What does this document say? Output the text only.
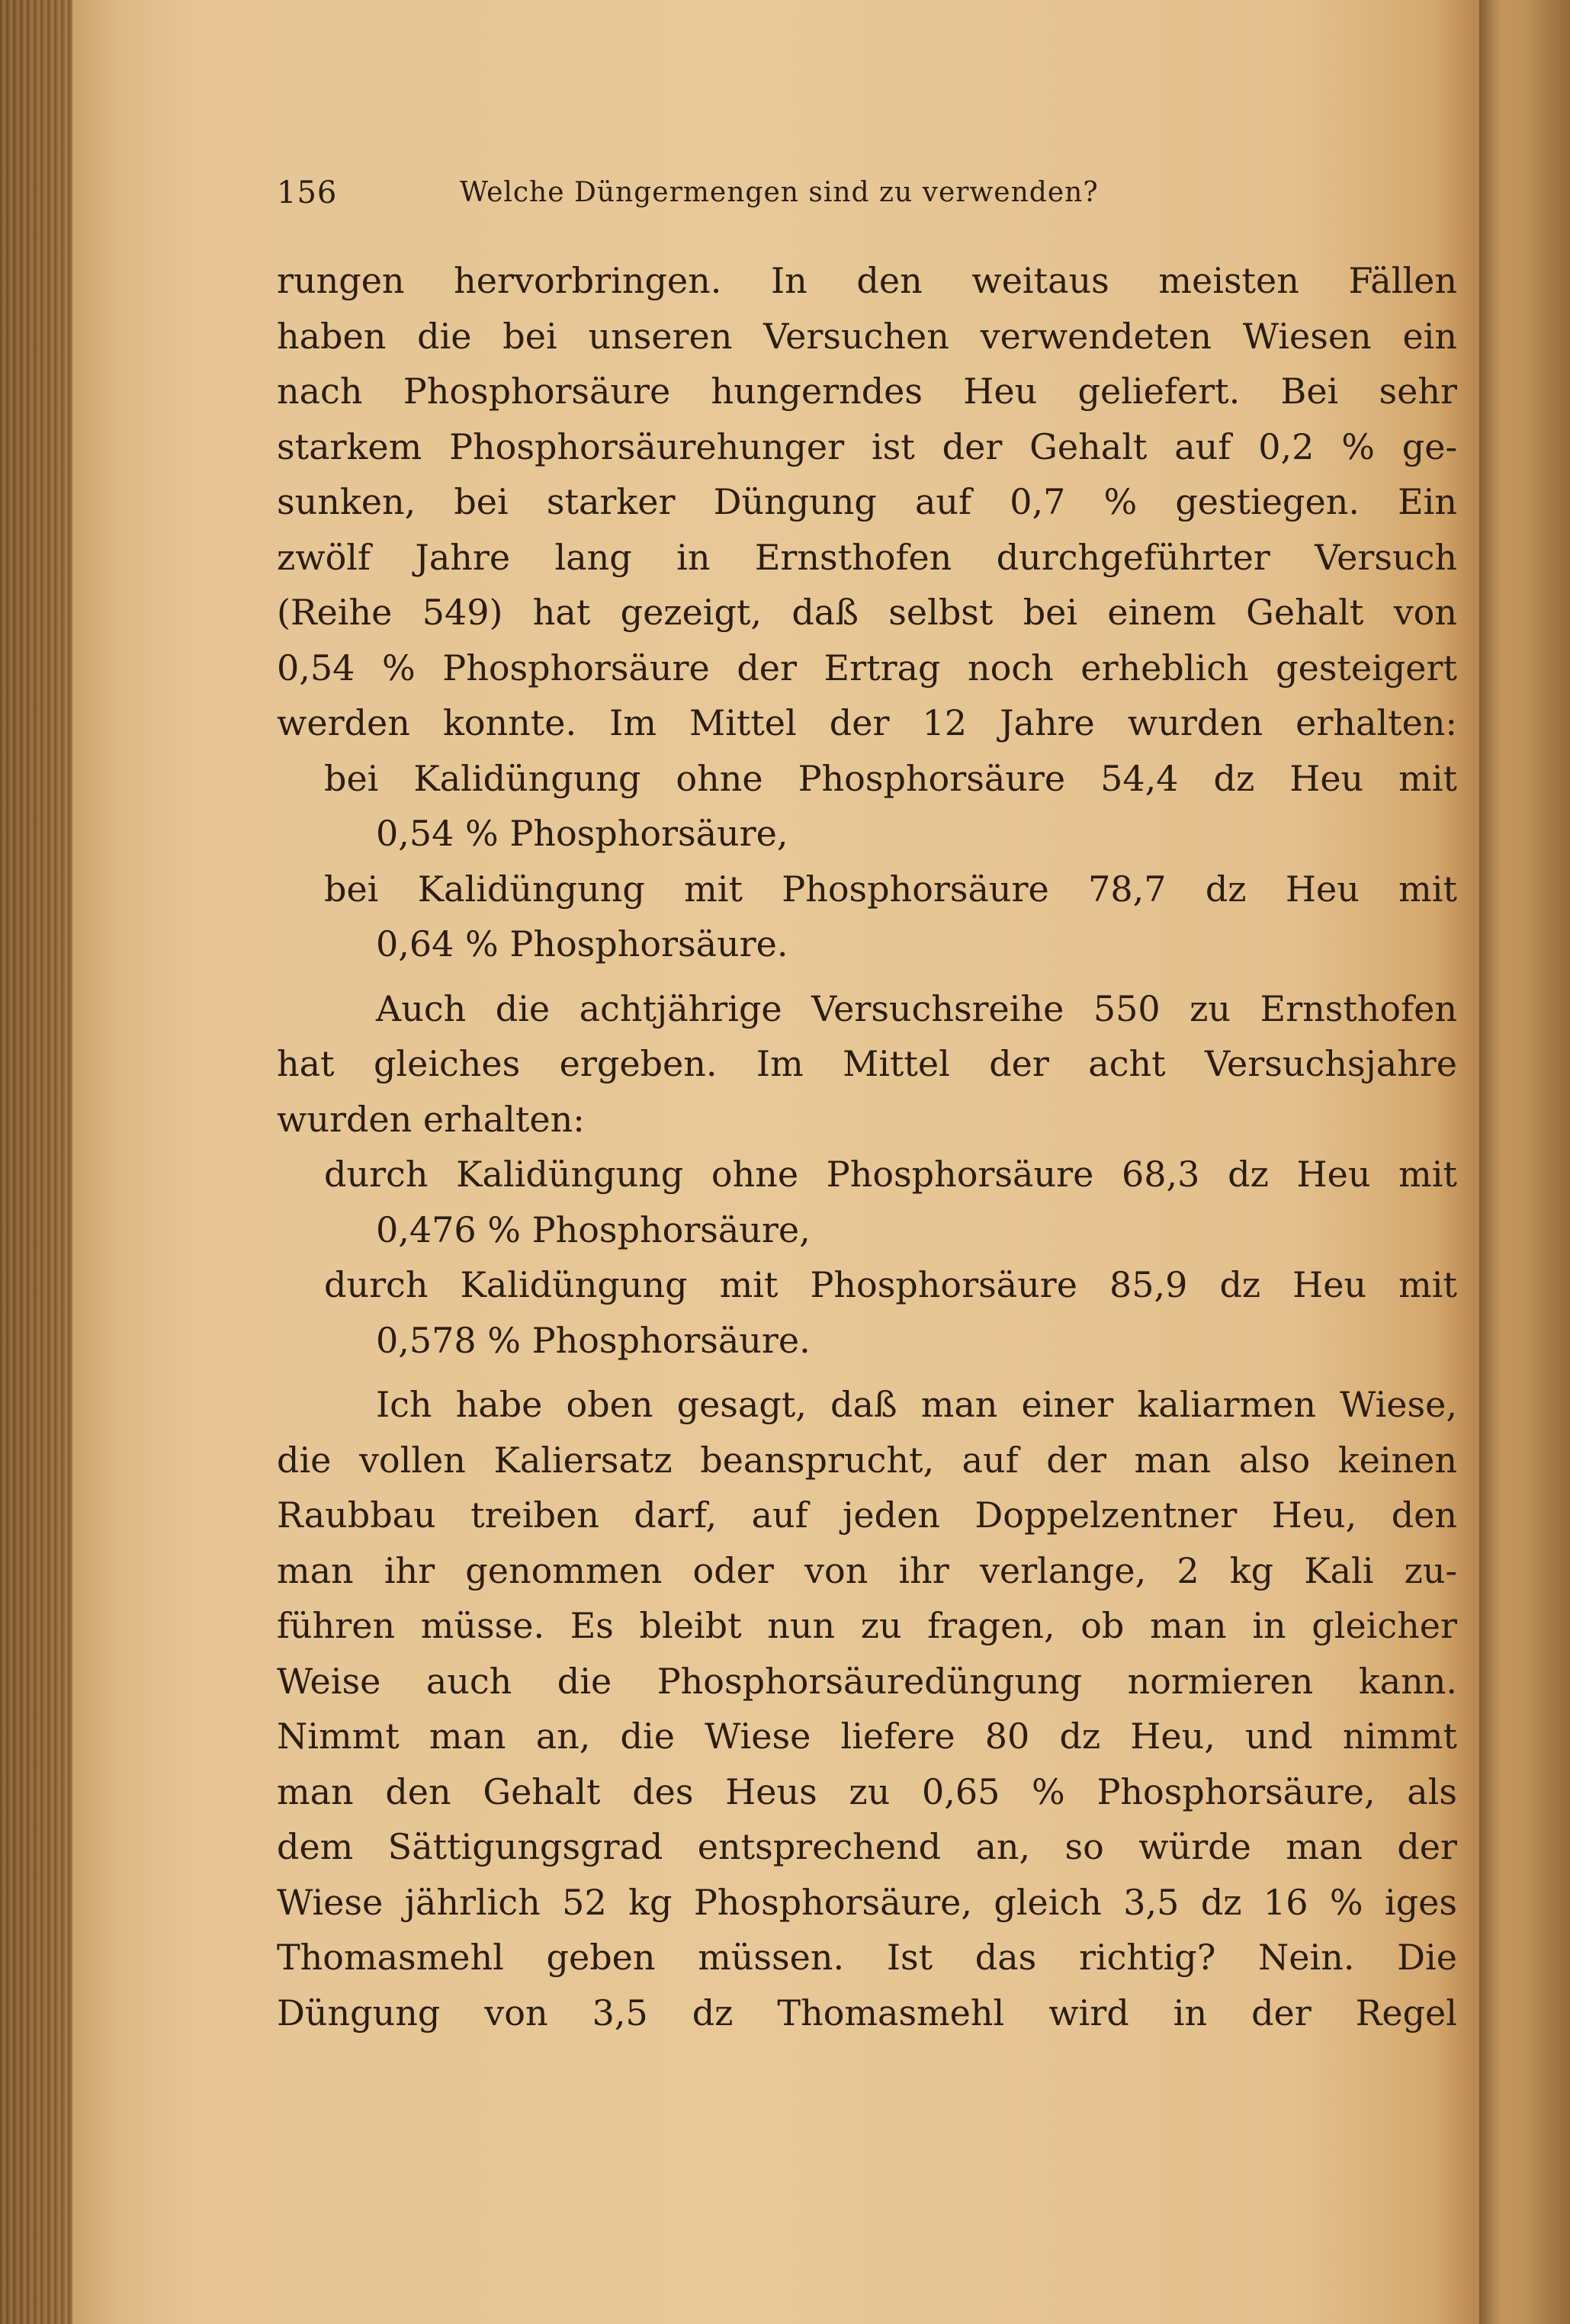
156	Welche Düngermengen sind zu verwenden?
rungen hervorbringen. In den weitaus meisten Fällen
haben die bei unseren Versuchen verwendeten Wiesen ein
nach Phosphorsäure hungerndes Heu geliefert. Bei sehr
starkem Phosphorsäurehunger ist der Gehalt auf 0,2 % ge-
sunken, bei starker Düngung auf 0,7 % gestiegen. Ein
zwölf Jahre lang in Ernsthofen durchgeführter Versuch
(Reihe 549) hat gezeigt, daß selbst bei einem Gehalt von
0,54 % Phosphorsäure der Ertrag noch erheblich gesteigert
werden konnte. Im Mittel der 12 Jahre wurden erhalten:
bei Kalidüngung ohne Phosphorsäure 54,4 dz Heu mit
0,54 % Phosphorsäure,
bei Kalidüngung mit Phosphorsäure 78,7 dz Heu mit
0,64 % Phosphorsäure.
Auch die achtjährige Versuchsreihe 550 zu Ernsthofen
hat gleiches ergeben. Im Mittel der acht Versuchsjahre
wurden erhalten:
durch Kalidüngung ohne Phosphorsäure 68,3 dz Heu mit
0,476 % Phosphorsäure,
durch Kalidüngung mit Phosphorsäure 85,9 dz Heu mit
0,578 % Phosphorsäure.
Ich habe oben gesagt, daß man einer kaliarmen Wiese,
die vollen Kaliersatz beansprucht, auf der man also keinen
Raubbau treiben darf, auf jeden Doppelzentner Heu, den
man ihr genommen oder von ihr verlange, 2 kg Kali zu-
führen müsse. Es bleibt nun zu fragen, ob man in gleicher
Weise auch die Phosphorsäuredüngung normieren kann.
Nimmt man an, die Wiese liefere 80 dz Heu, und nimmt
man den Gehalt des Heus zu 0,65 % Phosphorsäure, als
dem Sättigungsgrad entsprechend an, so würde man der
Wiese jährlich 52 kg Phosphorsäure, gleich 3,5 dz 16 % iges
Thomasmehl geben müssen. Ist das richtig? Nein. Die
Düngung von 3,5 dz Thomasmehl wird in der Regel
